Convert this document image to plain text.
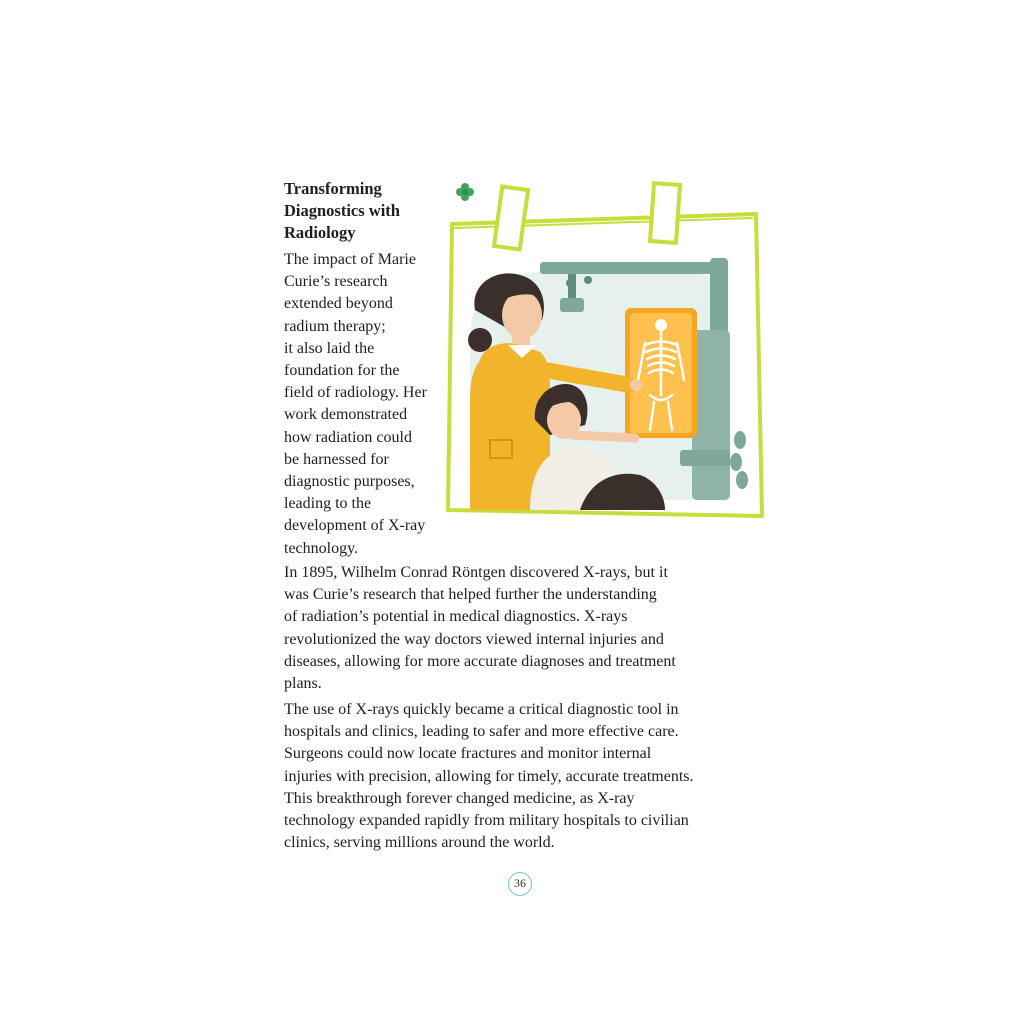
Transforming
Diagnostics with
Radiology

The impact of Marie
Curie’s research
extended beyond
radium therapy;
it also laid the
foundation for the
field of radiology. Her
work demonstrated
how radiation could
be harnessed for
diagnostic purposes,
leading to the
development of X-ray
technology.

In 1895, Wilhelm Conrad Röntgen discovered X-rays, but it
was Curie’s research that helped further the understanding
of radiation’s potential in medical diagnostics. X-rays
revolutionized the way doctors viewed internal injuries and
diseases, allowing for more accurate diagnoses and treatment
plans.

The use of X-rays quickly became a critical diagnostic tool in
hospitals and clinics, leading to safer and more effective care.
Surgeons could now locate fractures and monitor internal
injuries with precision, allowing for timely, accurate treatments.
This breakthrough forever changed medicine, as X-ray
technology expanded rapidly from military hospitals to civilian
clinics, serving millions around the world.

36
